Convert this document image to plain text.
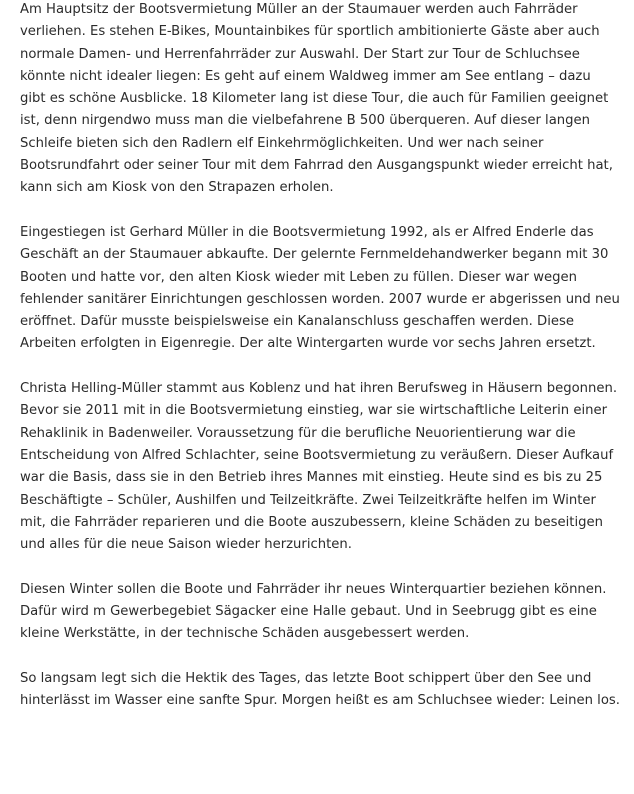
Am Hauptsitz der Bootsvermietung Müller an der Staumauer werden auch Fahrräder verliehen. Es stehen E-Bikes, Mountainbikes für sportlich ambitionierte Gäste aber auch normale Damen- und Herrenfahrräder zur Auswahl. Der Start zur Tour de Schluchsee könnte nicht idealer liegen: Es geht auf einem Waldweg immer am See entlang – dazu gibt es schöne Ausblicke. 18 Kilometer lang ist diese Tour, die auch für Familien geeignet ist, denn nirgendwo muss man die vielbefahrene B 500 überqueren. Auf dieser langen Schleife bieten sich den Radlern elf Einkehrmöglichkeiten. Und wer nach seiner Bootsrundfahrt oder seiner Tour mit dem Fahrrad den Ausgangspunkt wieder erreicht hat, kann sich am Kiosk von den Strapazen erholen.

Eingestiegen ist Gerhard Müller in die Bootsvermietung 1992, als er Alfred Enderle das Geschäft an der Staumauer abkaufte. Der gelernte Fernmeldehandwerker begann mit 30 Booten und hatte vor, den alten Kiosk wieder mit Leben zu füllen. Dieser war wegen fehlender sanitärer Einrichtungen geschlossen worden. 2007 wurde er abgerissen und neu eröffnet. Dafür musste beispielsweise ein Kanalanschluss geschaffen werden. Diese Arbeiten erfolgten in Eigenregie. Der alte Wintergarten wurde vor sechs Jahren ersetzt.

Christa Helling-Müller stammt aus Koblenz und hat ihren Berufsweg in Häusern begonnen. Bevor sie 2011 mit in die Bootsvermietung einstieg, war sie wirtschaftliche Leiterin einer Rehaklinik in Badenweiler. Voraussetzung für die berufliche Neuorientierung war die Entscheidung von Alfred Schlachter, seine Bootsvermietung zu veräußern. Dieser Aufkauf war die Basis, dass sie in den Betrieb ihres Mannes mit einstieg. Heute sind es bis zu 25 Beschäftigte – Schüler, Aushilfen und Teilzeitkräfte. Zwei Teilzeitkräfte helfen im Winter mit, die Fahrräder reparieren und die Boote auszubessern, kleine Schäden zu beseitigen und alles für die neue Saison wieder herzurichten.

Diesen Winter sollen die Boote und Fahrräder ihr neues Winterquartier beziehen können. Dafür wird m Gewerbegebiet Sägacker eine Halle gebaut. Und in Seebrugg gibt es eine kleine Werkstätte, in der technische Schäden ausgebessert werden.

So langsam legt sich die Hektik des Tages, das letzte Boot schippert über den See und hinterlässt im Wasser eine sanfte Spur. Morgen heißt es am Schluchsee wieder: Leinen los.
